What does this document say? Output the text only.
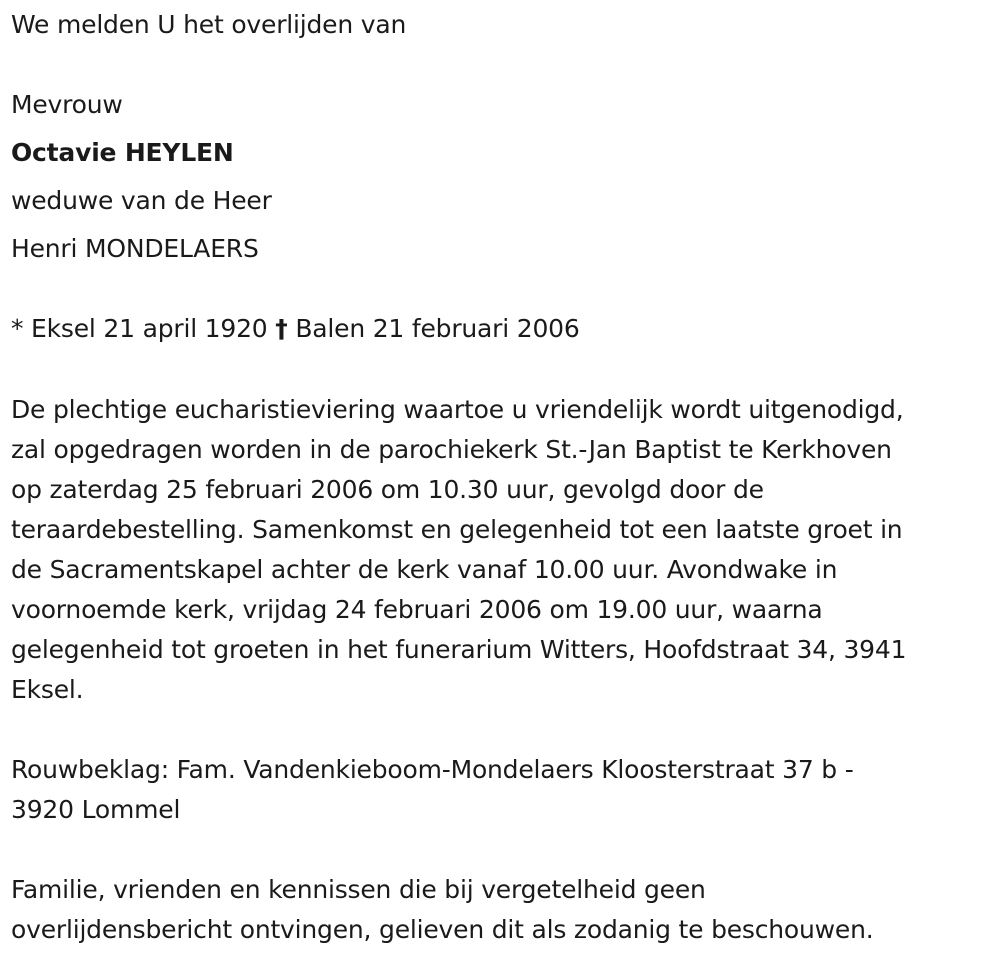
We melden U het overlijden van
Mevrouw
Octavie HEYLEN
weduwe van de Heer
Henri MONDELAERS
* Eksel 21 april 1920 † Balen 21 februari 2006
De plechtige eucharistieviering waartoe u vriendelijk wordt uitgenodigd,
zal opgedragen worden in de parochiekerk St.-Jan Baptist te Kerkhoven
op zaterdag 25 februari 2006 om 10.30 uur, gevolgd door de
teraardebestelling. Samenkomst en gelegenheid tot een laatste groet in
de Sacramentskapel achter de kerk vanaf 10.00 uur. Avondwake in
voornoemde kerk, vrijdag 24 februari 2006 om 19.00 uur, waarna
gelegenheid tot groeten in het funerarium Witters, Hoofdstraat 34, 3941
Eksel.
Rouwbeklag: Fam. Vandenkieboom-Mondelaers Kloosterstraat 37 b -
3920 Lommel
Familie, vrienden en kennissen die bij vergetelheid geen
overlijdensbericht ontvingen, gelieven dit als zodanig te beschouwen.
